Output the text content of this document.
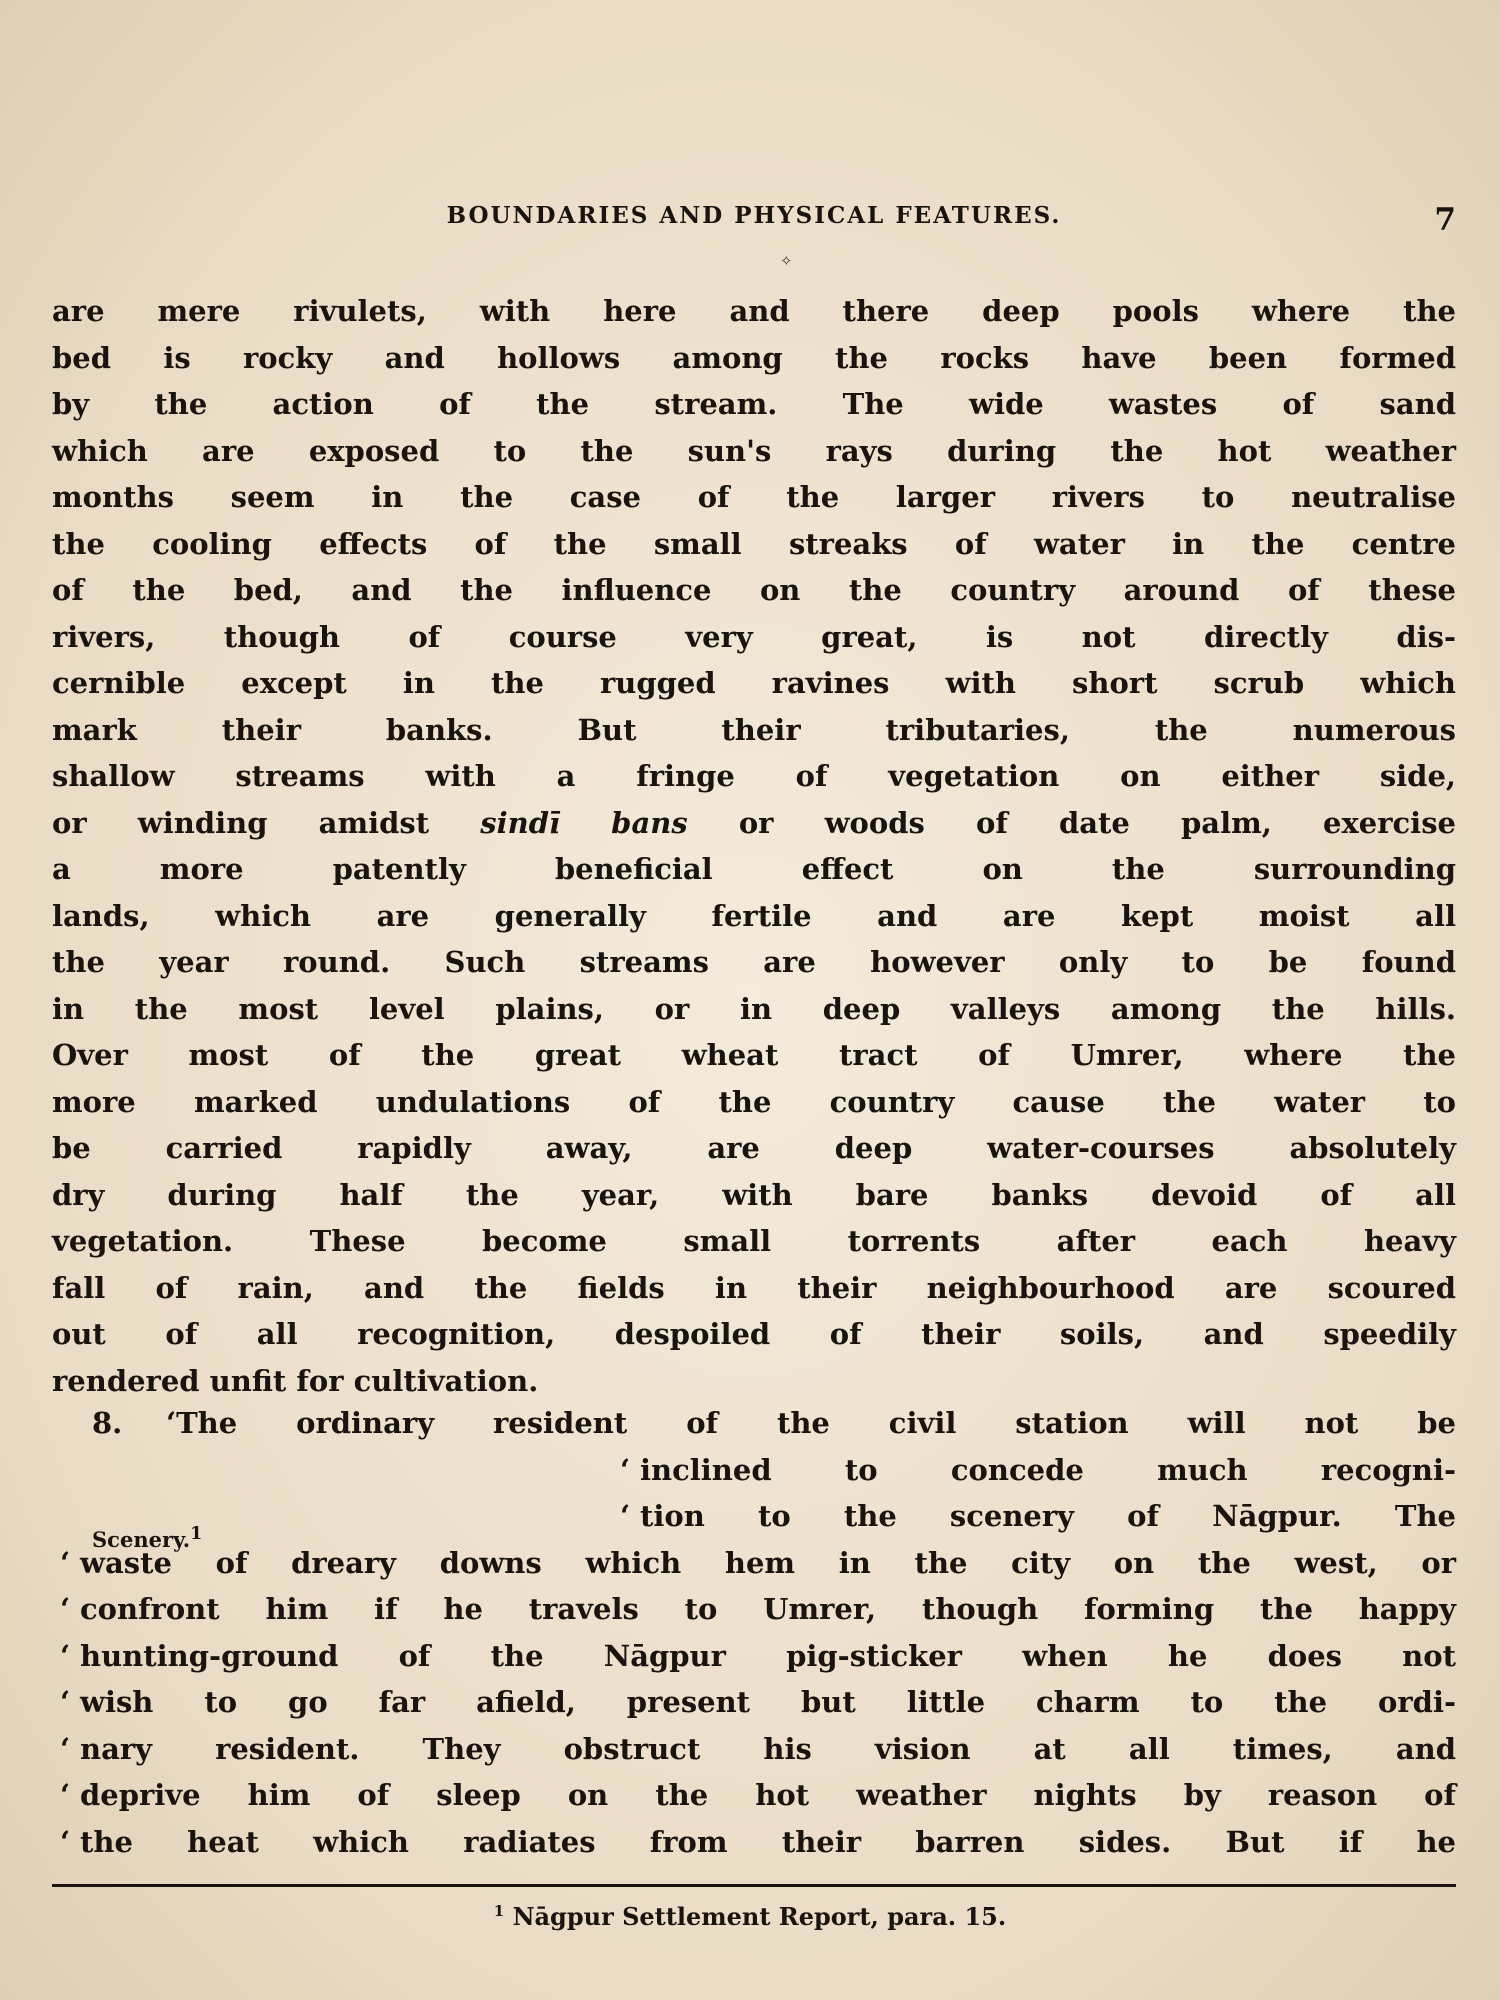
BOUNDARIES AND PHYSICAL FEATURES.	7
✧
are mere rivulets, with here and there deep pools where the
bed is rocky and hollows among the rocks have been formed
by the action of the stream. The wide wastes of sand
which are exposed to the sun's rays during the hot weather
months seem in the case of the larger rivers to neutralise
the cooling effects of the small streaks of water in the centre
of the bed, and the influence on the country around of these
rivers, though of course very great, is not directly dis-
cernible except in the rugged ravines with short scrub which
mark their banks. But their tributaries, the numerous
shallow streams with a fringe of vegetation on either side,
or winding amidst sindī bans or woods of date palm, exercise
a more patently beneficial effect on the surrounding
lands, which are generally fertile and are kept moist all
the year round. Such streams are however only to be found
in the most level plains, or in deep valleys among the hills.
Over most of the great wheat tract of Umrer, where the
more marked undulations of the country cause the water to
be carried rapidly away, are deep water-courses absolutely
dry during half the year, with bare banks devoid of all
vegetation. These become small torrents after each heavy
fall of rain, and the fields in their neighbourhood are scoured
out of all recognition, despoiled of their soils, and speedily
rendered unfit for cultivation.
8.	‘The ordinary resident of the civil station will not be
Scenery.$^1$
‘ inclined to concede much recogni-
‘ tion to the scenery of Nāgpur. The
‘ waste of dreary downs which hem in the city on the west, or
‘ confront him if he travels to Umrer, though forming the happy
‘ hunting-ground of the Nāgpur pig-sticker when he does not
‘ wish to go far afield, present but little charm to the ordi-
‘ nary resident. They obstruct his vision at all times, and
‘ deprive him of sleep on the hot weather nights by reason of
‘ the heat which radiates from their barren sides. But if he
$^1$ Nāgpur Settlement Report, para. 15.
